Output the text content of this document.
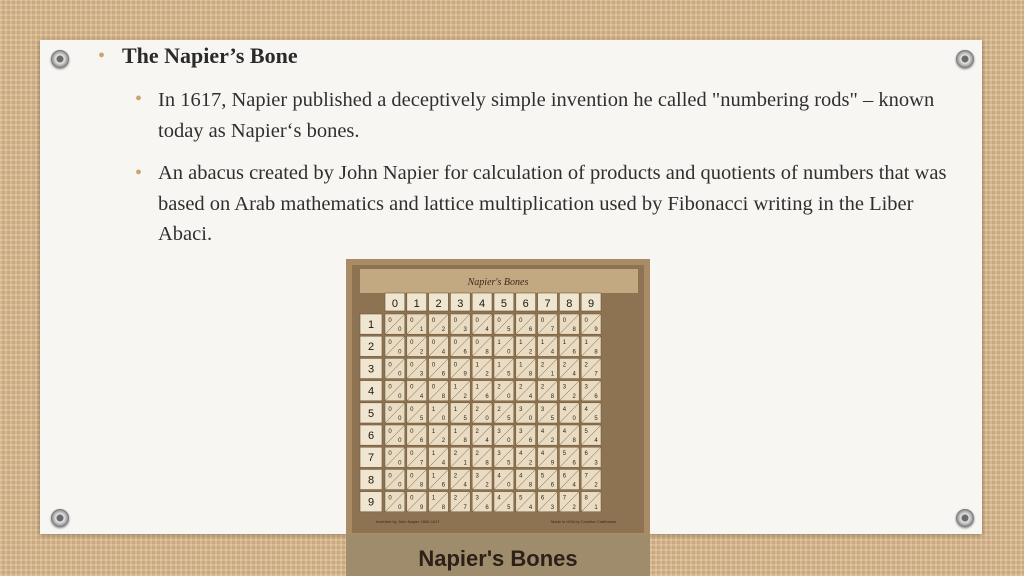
• The Napier’s Bone
• In 1617, Napier published a deceptively simple invention he called "numbering rods" – known today as Napier‘s bones.
• An abacus created by John Napier for calculation of products and quotients of numbers that was based on Arab mathematics and lattice multiplication used by Fibonacci writing in the Liber Abaci.
Napier's Bones
0 1 2 3 4 5 6 7 8 9
1
2
3
4
5
6
7
8
9
0
0
0
1
0
2
0
3
0
4
0
5
0
6
0
7
0
8
0
9
0
0
0
2
0
4
0
6
0
8
1
0
1
2
1
4
1
6
1
8
0
0
0
3
0
6
0
9
1
2
1
5
1
8
2
1
2
4
2
7
0
0
0
4
0
8
1
2
1
6
2
0
2
4
2
8
3
2
3
6
0
0
0
5
1
0
1
5
2
0
2
5
3
0
3
5
4
0
4
5
0
0
0
6
1
2
1
8
2
4
3
0
3
6
4
2
4
8
5
4
0
0
0
7
1
4
2
1
2
8
3
5
4
2
4
9
5
6
6
3
0
0
0
8
1
6
2
4
3
2
4
0
4
8
5
6
6
4
7
2
0
0
0
9
1
8
2
7
3
6
4
5
5
4
6
3
7
2
8
1
Invented by John Napier 1550-1617	Made in USA by Creative Crafthouse
Napier's Bones
